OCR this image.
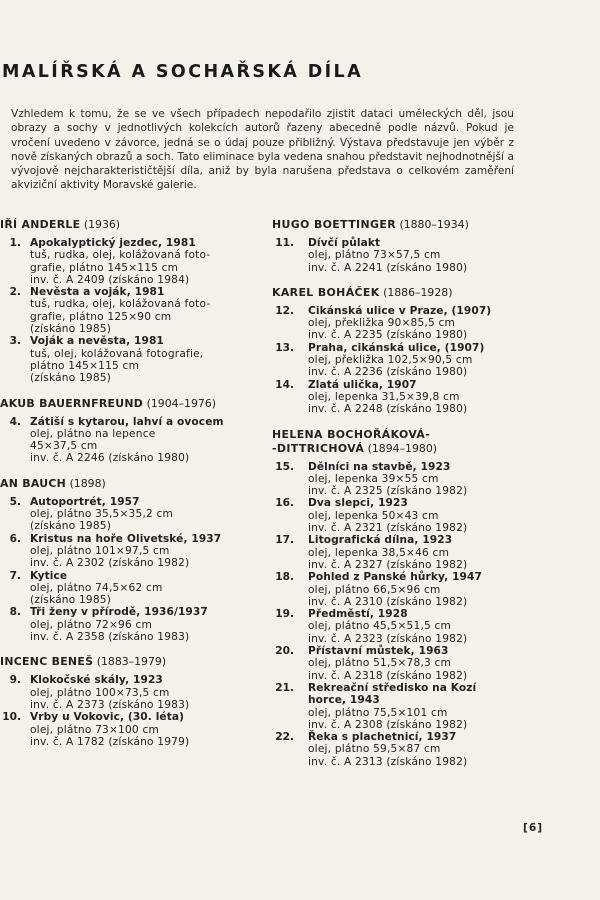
MALÍŘSKÁ A SOCHAŘSKÁ DÍLA

Vzhledem k tomu, že se ve všech případech nepodařilo zjistit dataci uměleckých děl, jsou obrazy a sochy v jednotlivých kolekcích autorů řazeny abecedně podle názvů. Pokud je vročení uvedeno v závorce, jedná se o údaj pouze přibližný. Výstava představuje jen výběr z nově získaných obrazů a soch. Tato eliminace byla vedena snahou představit nejhodnotnější a vývojově nejcharakterističtější díla, aniž by byla narušena představa o celkovém zaměření akviziční aktivity Moravské galerie.

IŘÍ ANDERLE (1936)

1. Apokalyptický jezdec, 1981
tuš, rudka, olej, kolážovaná foto-
grafie, plátno 145×115 cm
inv. č. A 2409 (získáno 1984)
2. Nevěsta a voják, 1981
tuš, rudka, olej, kolážovaná foto-
grafie, plátno 125×90 cm
(získáno 1985)
3. Voják a nevěsta, 1981
tuš, olej, kolážovaná fotografie,
plátno 145×115 cm
(získáno 1985)

AKUB BAUERNFREUND (1904–1976)

4. Zátiší s kytarou, lahví a ovocem
olej, plátno na lepence
45×37,5 cm
inv. č. A 2246 (získáno 1980)

AN BAUCH (1898)

5. Autoportrét, 1957
olej, plátno 35,5×35,2 cm
(získáno 1985)
6. Kristus na hoře Olivetské, 1937
olej, plátno 101×97,5 cm
inv. č. A 2302 (získáno 1982)
7. Kytice
olej, plátno 74,5×62 cm
(získáno 1985)
8. Tři ženy v přírodě, 1936/1937
olej, plátno 72×96 cm
inv. č. A 2358 (získáno 1983)

INCENC BENEŠ (1883–1979)

9. Klokočské skály, 1923
olej, plátno 100×73,5 cm
inv. č. A 2373 (získáno 1983)
10. Vrby u Vokovic, (30. léta)
olej, plátno 73×100 cm
inv. č. A 1782 (získáno 1979)

HUGO BOETTINGER (1880–1934)

11. Dívčí půlakt
olej, plátno 73×57,5 cm
inv. č. A 2241 (získáno 1980)

KAREL BOHÁČEK (1886–1928)

12. Cikánská ulice v Praze, (1907)
olej, překližka 90×85,5 cm
inv. č. A 2235 (získáno 1980)
13. Praha, cikánská ulice, (1907)
olej, překližka 102,5×90,5 cm
inv. č. A 2236 (získáno 1980)
14. Zlatá ulička, 1907
olej, lepenka 31,5×39,8 cm
inv. č. A 2248 (získáno 1980)

HELENA BOCHOŘÁKOVÁ-
-DITTRICHOVÁ (1894–1980)

15. Dělníci na stavbě, 1923
olej, lepenka 39×55 cm
inv. č. A 2325 (získáno 1982)
16. Dva slepci, 1923
olej, lepenka 50×43 cm
inv. č. A 2321 (získáno 1982)
17. Litografická dílna, 1923
olej, lepenka 38,5×46 cm
inv. č. A 2327 (získáno 1982)
18. Pohled z Panské hůrky, 1947
olej, plátno 66,5×96 cm
inv. č. A 2310 (získáno 1982)
19. Předměstí, 1928
olej, plátno 45,5×51,5 cm
inv. č. A 2323 (získáno 1982)
20. Přístavní můstek, 1963
olej, plátno 51,5×78,3 cm
inv. č. A 2318 (získáno 1982)
21. Rekreační středisko na Kozí horce, 1943
olej, plátno 75,5×101 cm
inv. č. A 2308 (získáno 1982)
22. Řeka s plachetnicí, 1937
olej, plátno 59,5×87 cm
inv. č. A 2313 (získáno 1982)

[6]
